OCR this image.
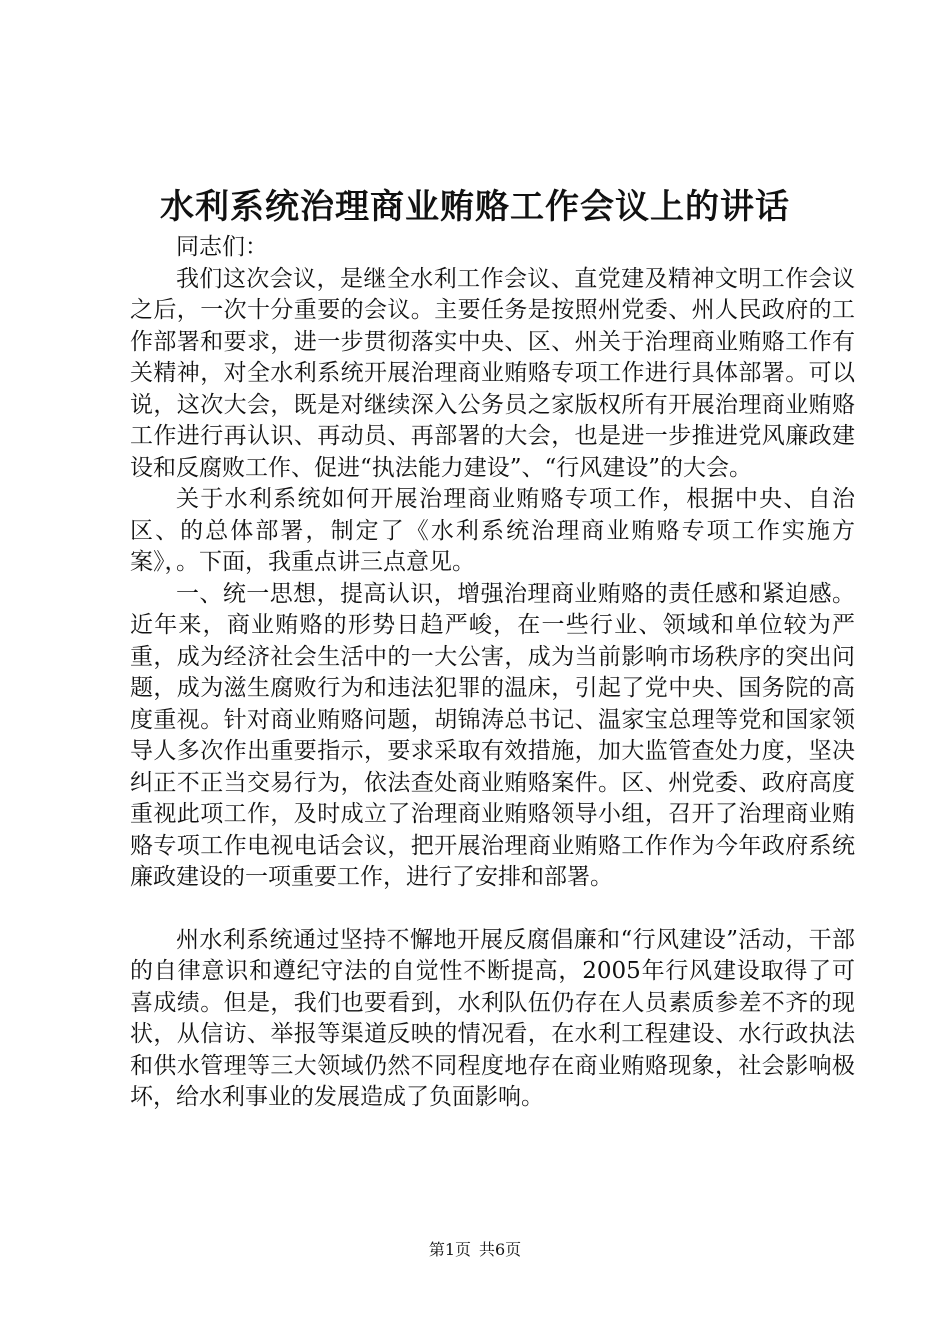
水利系统治理商业贿赂工作会议上的讲话

同志们：

我们这次会议，是继全水利工作会议、直党建及精神文明工作会议之后，一次十分重要的会议。主要任务是按照州党委、州人民政府的工作部署和要求，进一步贯彻落实中央、区、州关于治理商业贿赂工作有关精神，对全水利系统开展治理商业贿赂专项工作进行具体部署。可以说，这次大会，既是对继续深入公务员之家版权所有开展治理商业贿赂工作进行再认识、再动员、再部署的大会，也是进一步推进党风廉政建设和反腐败工作、促进“执法能力建设”、“行风建设”的大会。

关于水利系统如何开展治理商业贿赂专项工作，根据中央、自治区、的总体部署，制定了《水利系统治理商业贿赂专项工作实施方案》，。下面，我重点讲三点意见。

一、统一思想，提高认识，增强治理商业贿赂的责任感和紧迫感。近年来，商业贿赂的形势日趋严峻，在一些行业、领域和单位较为严重，成为经济社会生活中的一大公害，成为当前影响市场秩序的突出问题，成为滋生腐败行为和违法犯罪的温床，引起了党中央、国务院的高度重视。针对商业贿赂问题，胡锦涛总书记、温家宝总理等党和国家领导人多次作出重要指示，要求采取有效措施，加大监管查处力度，坚决纠正不正当交易行为，依法查处商业贿赂案件。区、州党委、政府高度重视此项工作，及时成立了治理商业贿赂领导小组，召开了治理商业贿赂专项工作电视电话会议，把开展治理商业贿赂工作作为今年政府系统廉政建设的一项重要工作，进行了安排和部署。

州水利系统通过坚持不懈地开展反腐倡廉和“行风建设”活动，干部的自律意识和遵纪守法的自觉性不断提高，2005年行风建设取得了可喜成绩。但是，我们也要看到，水利队伍仍存在人员素质参差不齐的现状，从信访、举报等渠道反映的情况看，在水利工程建设、水行政执法和供水管理等三大领域仍然不同程度地存在商业贿赂现象，社会影响极坏，给水利事业的发展造成了负面影响。

第1页 共6页
